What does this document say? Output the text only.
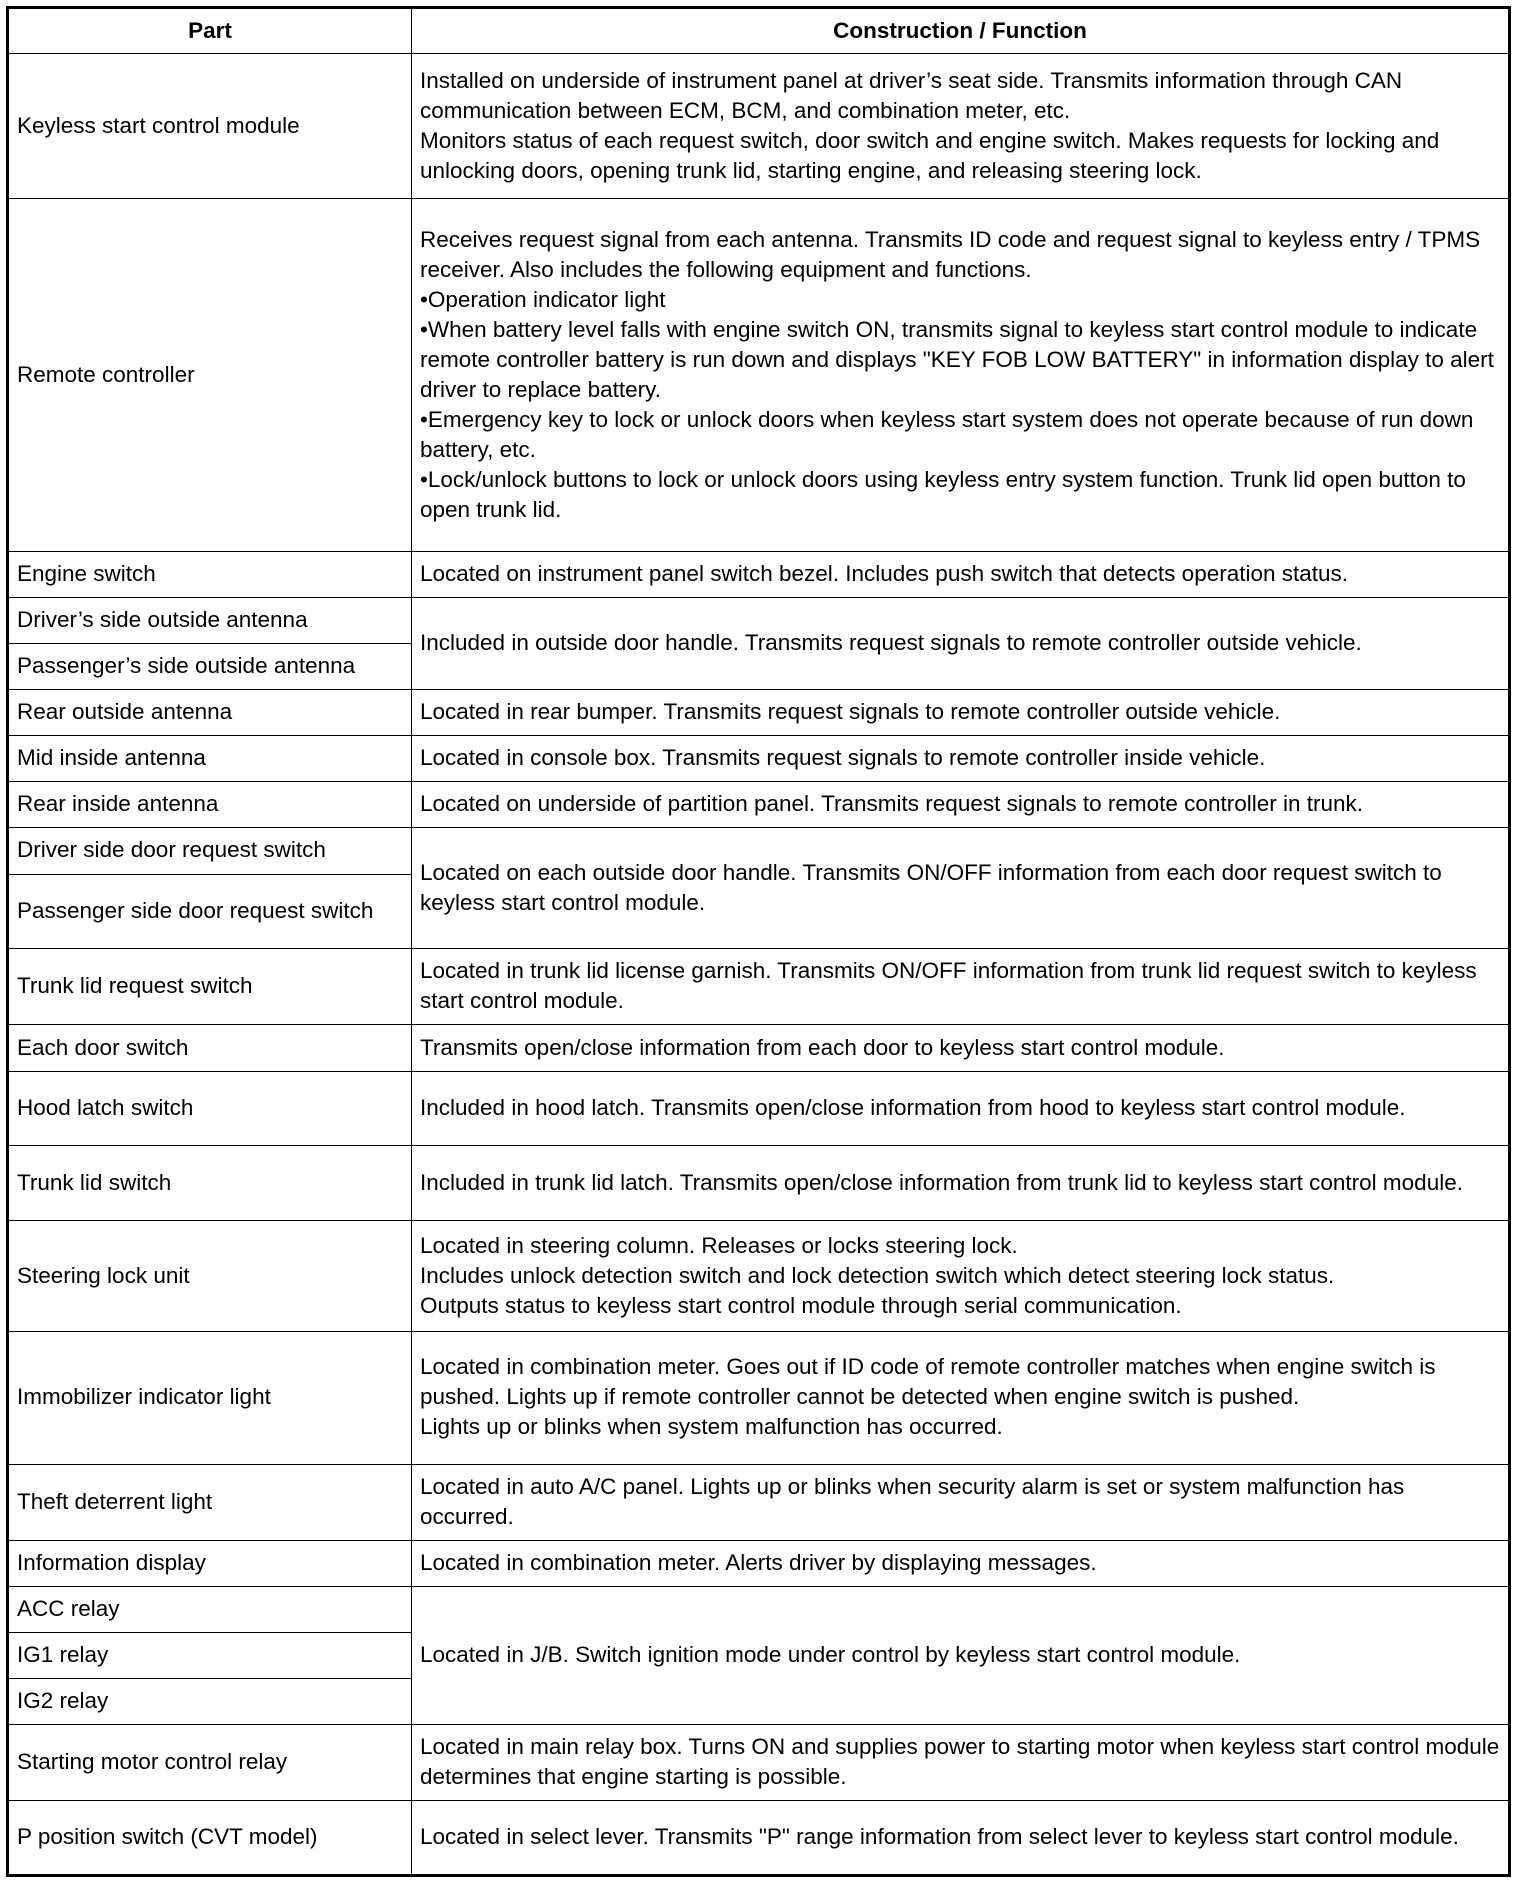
Part	Construction / Function
Keyless start control module	Installed on underside of instrument panel at driver’s seat side. Transmits information through CAN communication between ECM, BCM, and combination meter, etc.
Monitors status of each request switch, door switch and engine switch. Makes requests for locking and unlocking doors, opening trunk lid, starting engine, and releasing steering lock.

Remote controller	Receives request signal from each antenna. Transmits ID code and request signal to keyless entry / TPMS receiver. Also includes the following equipment and functions.
•Operation indicator light
•When battery level falls with engine switch ON, transmits signal to keyless start control module to indicate remote controller battery is run down and displays "KEY FOB LOW BATTERY" in information display to alert driver to replace battery.
•Emergency key to lock or unlock doors when keyless start system does not operate because of run down battery, etc.
•Lock/unlock buttons to lock or unlock doors using keyless entry system function. Trunk lid open button to open trunk lid.

Engine switch	Located on instrument panel switch bezel. Includes push switch that detects operation status.

Driver’s side outside antenna	Included in outside door handle. Transmits request signals to remote controller outside vehicle.

Passenger’s side outside antenna	
Rear outside antenna	Located in rear bumper. Transmits request signals to remote controller outside vehicle.

Mid inside antenna	Located in console box. Transmits request signals to remote controller inside vehicle.

Rear inside antenna	Located on underside of partition panel. Transmits request signals to remote controller in trunk.

Driver side door request switch	Located on each outside door handle. Transmits ON/OFF information from each door request switch to keyless start control module.

Passenger side door request switch	
Trunk lid request switch	Located in trunk lid license garnish. Transmits ON/OFF information from trunk lid request switch to keyless start control module.

Each door switch	Transmits open/close information from each door to keyless start control module.

Hood latch switch	Included in hood latch. Transmits open/close information from hood to keyless start control module.

Trunk lid switch	Included in trunk lid latch. Transmits open/close information from trunk lid to keyless start control module.

Steering lock unit	Located in steering column. Releases or locks steering lock.
Includes unlock detection switch and lock detection switch which detect steering lock status.
Outputs status to keyless start control module through serial communication.

Immobilizer indicator light	Located in combination meter. Goes out if ID code of remote controller matches when engine switch is pushed. Lights up if remote controller cannot be detected when engine switch is pushed.
Lights up or blinks when system malfunction has occurred.

Theft deterrent light	Located in auto A/C panel. Lights up or blinks when security alarm is set or system malfunction has occurred.

Information display	Located in combination meter. Alerts driver by displaying messages.

ACC relay	Located in J/B. Switch ignition mode under control by keyless start control module.

IG1 relay	
IG2 relay	
Starting motor control relay	Located in main relay box. Turns ON and supplies power to starting motor when keyless start control module determines that engine starting is possible.

P position switch (CVT model)	Located in select lever. Transmits "P" range information from select lever to keyless start control module.
